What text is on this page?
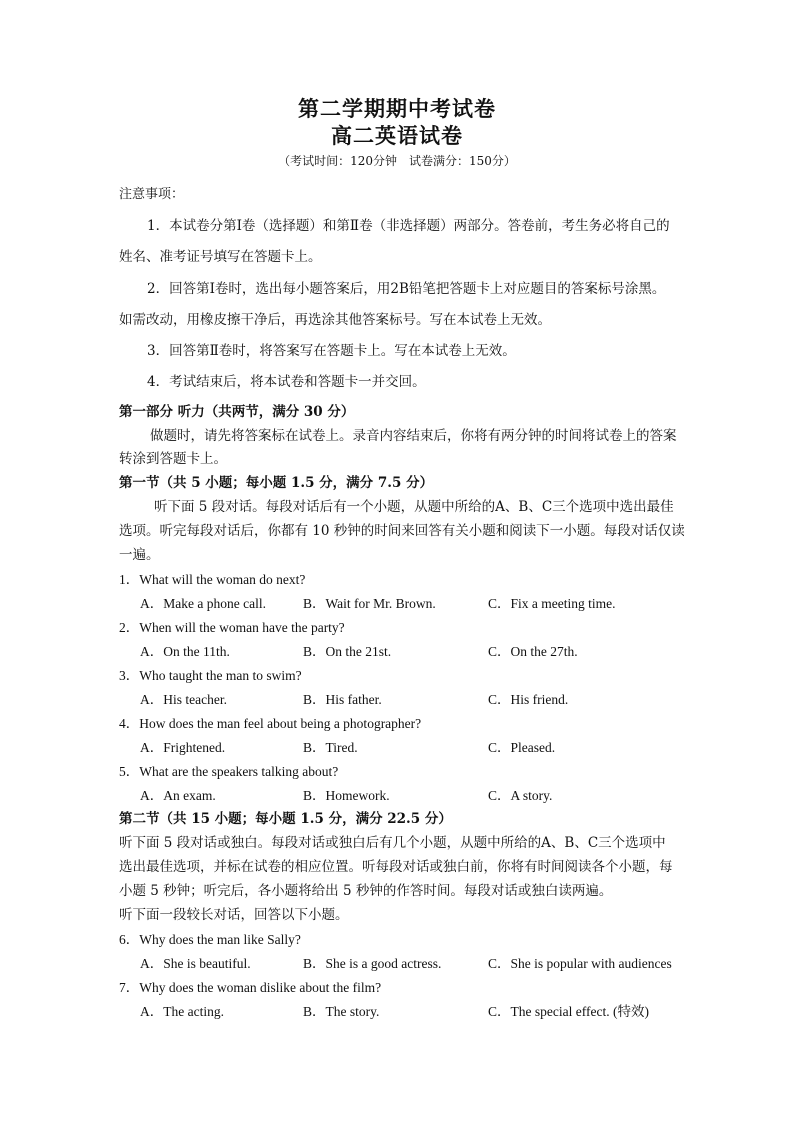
第二学期期中考试卷
高二英语试卷
（考试时间：120分钟　试卷满分：150分）
注意事项：
1．本试卷分第Ⅰ卷（选择题）和第Ⅱ卷（非选择题）两部分。答卷前，考生务必将自己的
姓名、准考证号填写在答题卡上。
2．回答第Ⅰ卷时，选出每小题答案后，用2B铅笔把答题卡上对应题目的答案标号涂黑。
如需改动，用橡皮擦干净后，再选涂其他答案标号。写在本试卷上无效。
3．回答第Ⅱ卷时，将答案写在答题卡上。写在本试卷上无效。
4．考试结束后，将本试卷和答题卡一并交回。
第一部分 听力（共两节，满分 30 分）
做题时，请先将答案标在试卷上。录音内容结束后，你将有两分钟的时间将试卷上的答案
转涂到答题卡上。
第一节（共 5 小题；每小题 1.5 分，满分 7.5 分）
听下面 5 段对话。每段对话后有一个小题，从题中所给的A、B、C三个选项中选出最佳
选项。听完每段对话后，你都有 10 秒钟的时间来回答有关小题和阅读下一小题。每段对话仅读
一遍。
1．What will the woman do next?
A．Make a phone call.	B．Wait for Mr. Brown.	C．Fix a meeting time.
2．When will the woman have the party?
A．On the 11th.	B．On the 21st.	C．On the 27th.
3．Who taught the man to swim?
A．His teacher.	B．His father.	C．His friend.
4．How does the man feel about being a photographer?
A．Frightened.	B．Tired.	C．Pleased.
5．What are the speakers talking about?
A．An exam.	B．Homework.	C．A story.
第二节（共 15 小题；每小题 1.5 分，满分 22.5 分）
听下面 5 段对话或独白。每段对话或独白后有几个小题，从题中所给的A、B、C三个选项中
选出最佳选项，并标在试卷的相应位置。听每段对话或独白前，你将有时间阅读各个小题，每
小题 5 秒钟；听完后，各小题将给出 5 秒钟的作答时间。每段对话或独白读两遍。
听下面一段较长对话，回答以下小题。
6．Why does the man like Sally?
A．She is beautiful.	B．She is a good actress.	C．She is popular with audiences
7．Why does the woman dislike about the film?
A．The acting.	B．The story.	C．The special effect. (特效)
